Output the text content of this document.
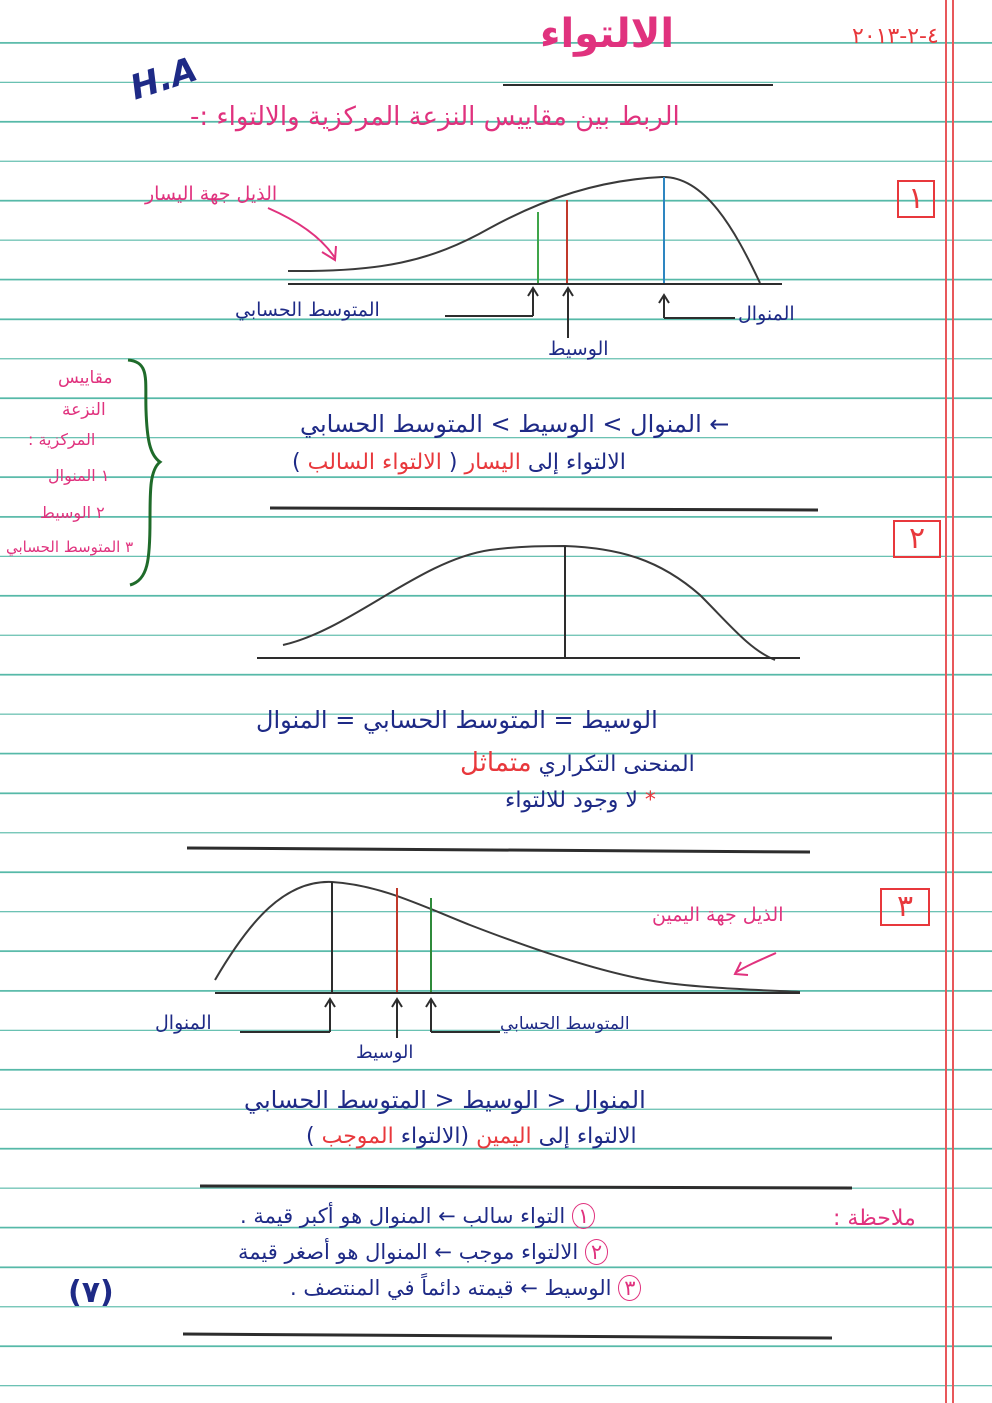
الالتواء	٤-٢-٢٠١٣
H.A
الربط بين مقاييس النزعة المركزية والالتواء :-
١
الذيل جهة اليسار
المتوسط الحسابي
الوسيط
المنوال
← المنوال > الوسيط > المتوسط الحسابي
الالتواء إلى اليسار ( الالتواء السالب )
مقاييس
النزعة
المركزية :
١ المنوال
٢ الوسيط
٣ المتوسط الحسابي	٢
الوسيط = المتوسط الحسابي = المنوال
المنحنى التكراري متماثل
* لا وجود للالتواء
٣
الذيل جهة اليمين
المنوال
الوسيط
المتوسط الحسابي
المنوال < الوسيط < المتوسط الحسابي
الالتواء إلى اليمين (الالتواء الموجب )
ملاحظة :
١ التواء سالب ← المنوال هو أكبر قيمة .
٢ الالتواء موجب ← المنوال هو أصغر قيمة
٣ الوسيط ← قيمته دائماً في المنتصف .
(٧)
